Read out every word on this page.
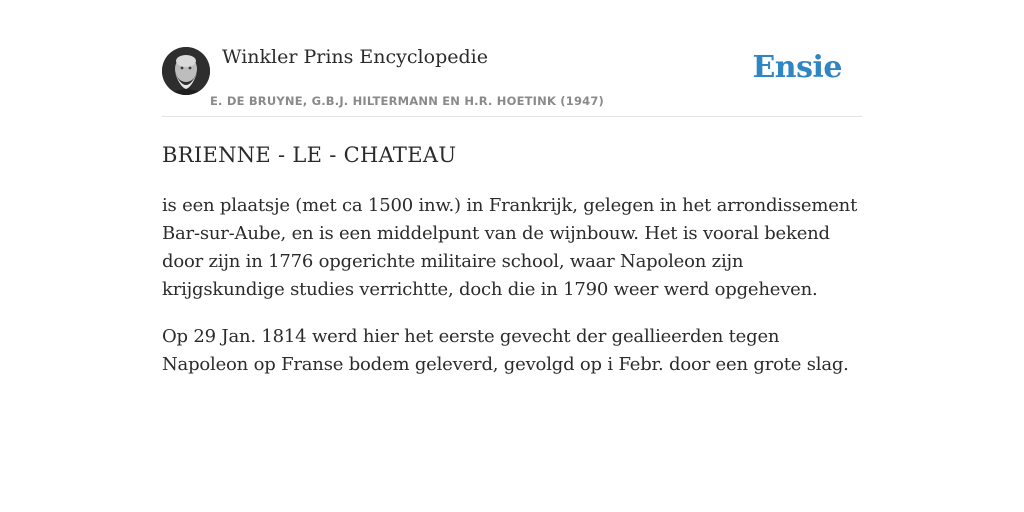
Winkler Prins Encyclopedie
E. DE BRUYNE, G.B.J. HILTERMANN EN H.R. HOETINK (1947)
Ensie
BRIENNE - LE - CHATEAU

is een plaatsje (met ca 1500 inw.) in Frankrijk, gelegen in het arrondissement Bar-sur-Aube, en is een middelpunt van de wijnbouw. Het is vooral bekend door zijn in 1776 opgerichte militaire school, waar Napoleon zijn krijgskundige studies verrichtte, doch die in 1790 weer werd opgeheven.

Op 29 Jan. 1814 werd hier het eerste gevecht der geallieerden tegen Napoleon op Franse bodem geleverd, gevolgd op i Febr. door een grote slag.
